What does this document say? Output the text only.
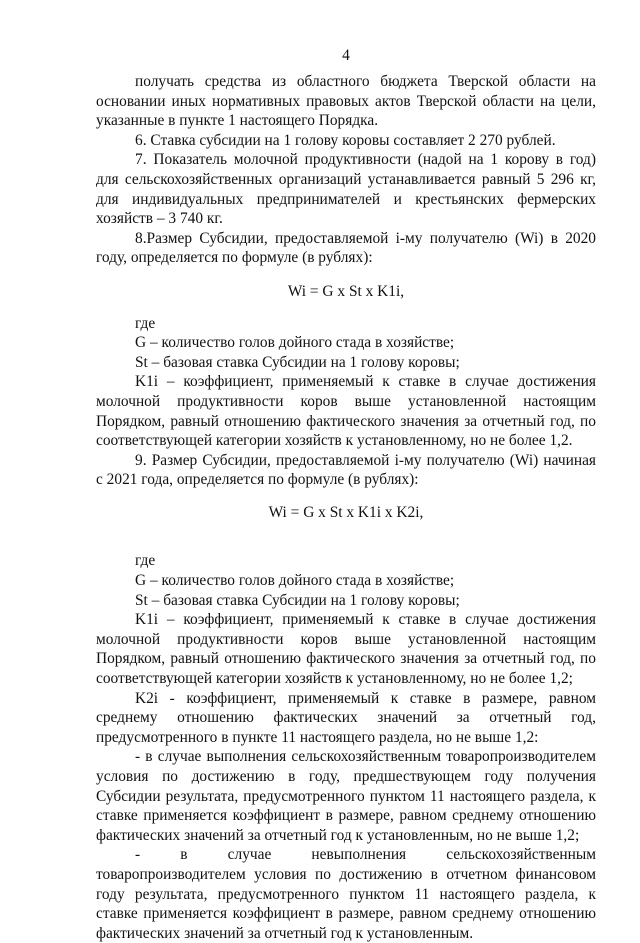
4

получать средства из областного бюджета Тверской области на основании иных нормативных правовых актов Тверской области на цели, указанные в пункте 1 настоящего Порядка.

6. Ставка субсидии на 1 голову коровы составляет 2 270 рублей.

7. Показатель молочной продуктивности (надой на 1 корову в год) для сельскохозяйственных организаций устанавливается равный 5 296 кг, для индивидуальных предпринимателей и крестьянских фермерских хозяйств – 3 740 кг.

8.Размер Субсидии, предоставляемой i-му получателю (Wi) в 2020 году, определяется по формуле (в рублях):

Wi = G x St x K1i,

где

G – количество голов дойного стада в хозяйстве;

St – базовая ставка Субсидии на 1 голову коровы;

K1i – коэффициент, применяемый к ставке в случае достижения молочной продуктивности коров выше установленной настоящим Порядком, равный отношению фактического значения за отчетный год, по соответствующей категории хозяйств к установленному, но не более 1,2.

9. Размер Субсидии, предоставляемой i-му получателю (Wi) начиная с 2021 года, определяется по формуле (в рублях):

Wi = G x St x K1i x K2i,

где

G – количество голов дойного стада в хозяйстве;

St – базовая ставка Субсидии на 1 голову коровы;

K1i – коэффициент, применяемый к ставке в случае достижения молочной продуктивности коров выше установленной настоящим Порядком, равный отношению фактического значения за отчетный год, по соответствующей категории хозяйств к установленному, но не более 1,2;

K2i - коэффициент, применяемый к ставке в размере, равном среднему отношению фактических значений за отчетный год, предусмотренного в пункте 11 настоящего раздела, но не выше 1,2:

- в случае выполнения сельскохозяйственным товаропроизводителем условия по достижению в году, предшествующем году получения Субсидии результата, предусмотренного пунктом 11 настоящего раздела, к ставке применяется коэффициент в размере, равном среднему отношению фактических значений за отчетный год к установленным, но не выше 1,2;

- в случае невыполнения сельскохозяйственным товаропроизводителем условия по достижению в отчетном финансовом году результата, предусмотренного пунктом 11 настоящего раздела, к ставке применяется коэффициент в размере, равном среднему отношению фактических значений за отчетный год к установленным.
